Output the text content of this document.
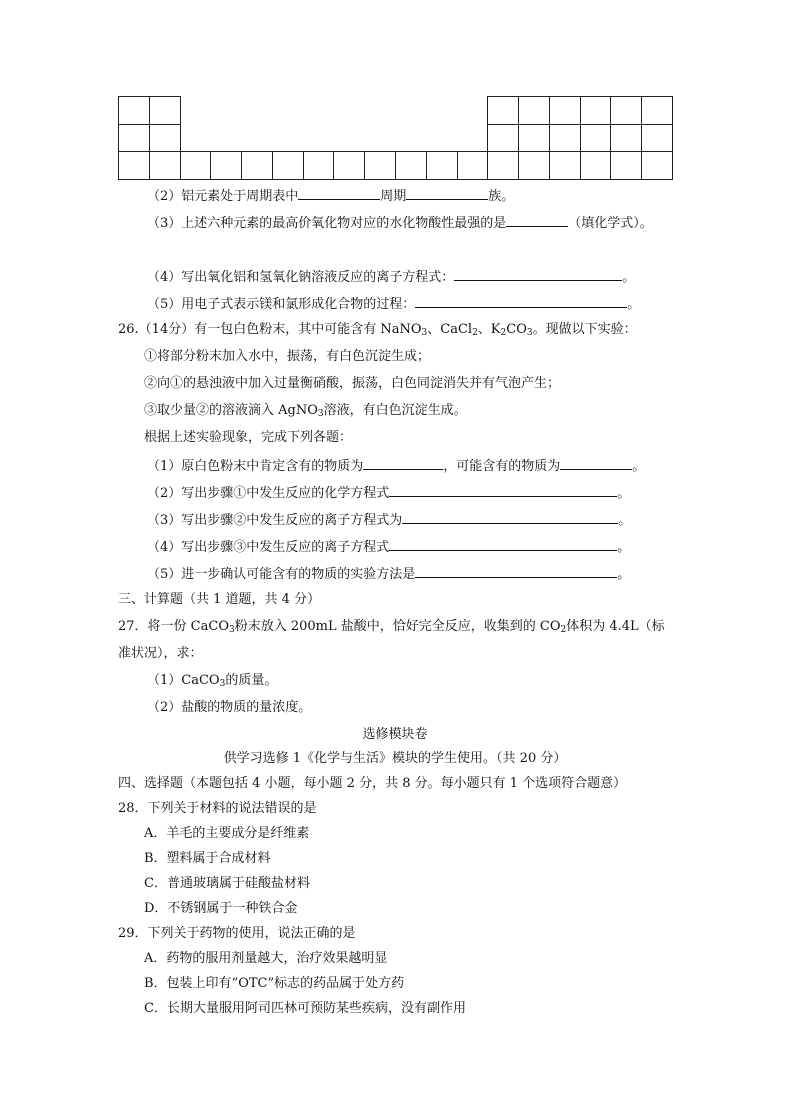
（2）铝元素处于周期表中	周期	族。
（3）上述六种元素的最高价氧化物对应的水化物酸性最强的是	（填化学式）。
（4）写出氧化铝和氢氧化钠溶液反应的离子方程式：	。
（5）用电子式表示镁和氯形成化合物的过程：	。
26.（14分）有一包白色粉末，其中可能含有 NaNO$_3$、CaCl$_2$、$K_2CO_3$。现做以下实验：
①将部分粉末加入水中，振荡，有白色沉淀生成；
②向①的悬浊液中加入过量衡硝酸，振荡，白色同淀消失并有气泡产生；
③取少量②的溶液滴入 AgNO$_3$溶液，有白色沉淀生成。
根据上述实验现象，完成下列各题：
（1）原白色粉末中肯定含有的物质为	，可能含有的物质为	。
（2）写出步骤①中发生反应的化学方程式	。
（3）写出步骤②中发生反应的离子方程式为	。
（4）写出步骤③中发生反应的离子方程式	。
（5）进一步确认可能含有的物质的实验方法是	。
三、计算题（共 1 道题，共 4 分）
27．将一份 CaCO$_3$粉末放入 200mL 盐酸中，恰好完全反应，收集到的 $CO_2$体积为 4.4L（标
准状况），求：
（1）CaCO$_3$的质量。
（2）盐酸的物质的量浓度。
选修模块卷
供学习选修 1《化学与生活》模块的学生使用。（共 20 分）
四、选择题（本题包括 4 小题，每小题 2 分，共 8 分。每小题只有 1 个选项符合题意）
28．下列关于材料的说法错误的是
A．羊毛的主要成分是纤维素
B．塑料属于合成材料
C．普通玻璃属于硅酸盐材料
D．不锈钢属于一种铁合金
29．下列关于药物的使用，说法正确的是
A．药物的服用剂量越大，治疗效果越明显
B．包装上印有“OTC”标志的药品属于处方药
C．长期大量服用阿司匹林可预防某些疾病，没有副作用
